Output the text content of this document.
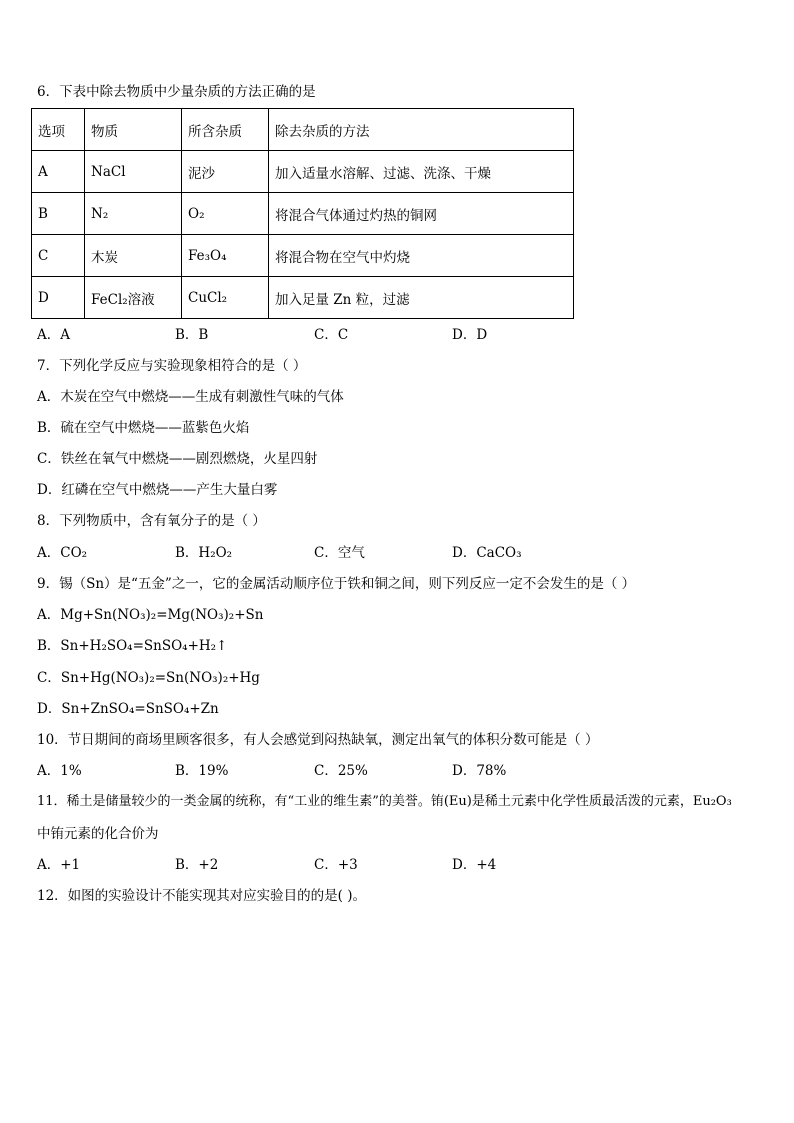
6．下表中除去物质中少量杂质的方法正确的是
选项	物质	所含杂质	除去杂质的方法
A	NaCl	泥沙	加入适量水溶解、过滤、洗涤、干燥
B	N₂	O₂	将混合气体通过灼热的铜网
C	木炭	Fe₃O₄	将混合物在空气中灼烧
D	FeCl₂溶液	CuCl₂	加入足量 Zn 粒，过滤
A．A	B．B	C．C	D．D
7．下列化学反应与实验现象相符合的是（ ）
A．木炭在空气中燃烧——生成有刺激性气味的气体
B．硫在空气中燃烧——蓝紫色火焰
C．铁丝在氧气中燃烧——剧烈燃烧，火星四射
D．红磷在空气中燃烧——产生大量白雾
8．下列物质中，含有氧分子的是（ ）
A．CO₂	B．H₂O₂	C．空气	D．CaCO₃
9．锡（Sn）是“五金”之一，它的金属活动顺序位于铁和铜之间，则下列反应一定不会发生的是（ ）
A．Mg+Sn(NO₃)₂=Mg(NO₃)₂+Sn
B．Sn+H₂SO₄=SnSO₄+H₂↑
C．Sn+Hg(NO₃)₂=Sn(NO₃)₂+Hg
D．Sn+ZnSO₄=SnSO₄+Zn
10．节日期间的商场里顾客很多，有人会感觉到闷热缺氧，测定出氧气的体积分数可能是（ ）
A．1%	B．19%	C．25%	D．78%
11．稀土是储量较少的一类金属的统称，有“工业的维生素”的美誉。铕(Eu)是稀土元素中化学性质最活泼的元素，Eu₂O₃
中铕元素的化合价为
A．+1	B．+2	C．+3	D．+4
12．如图的实验设计不能实现其对应实验目的的是( )。
